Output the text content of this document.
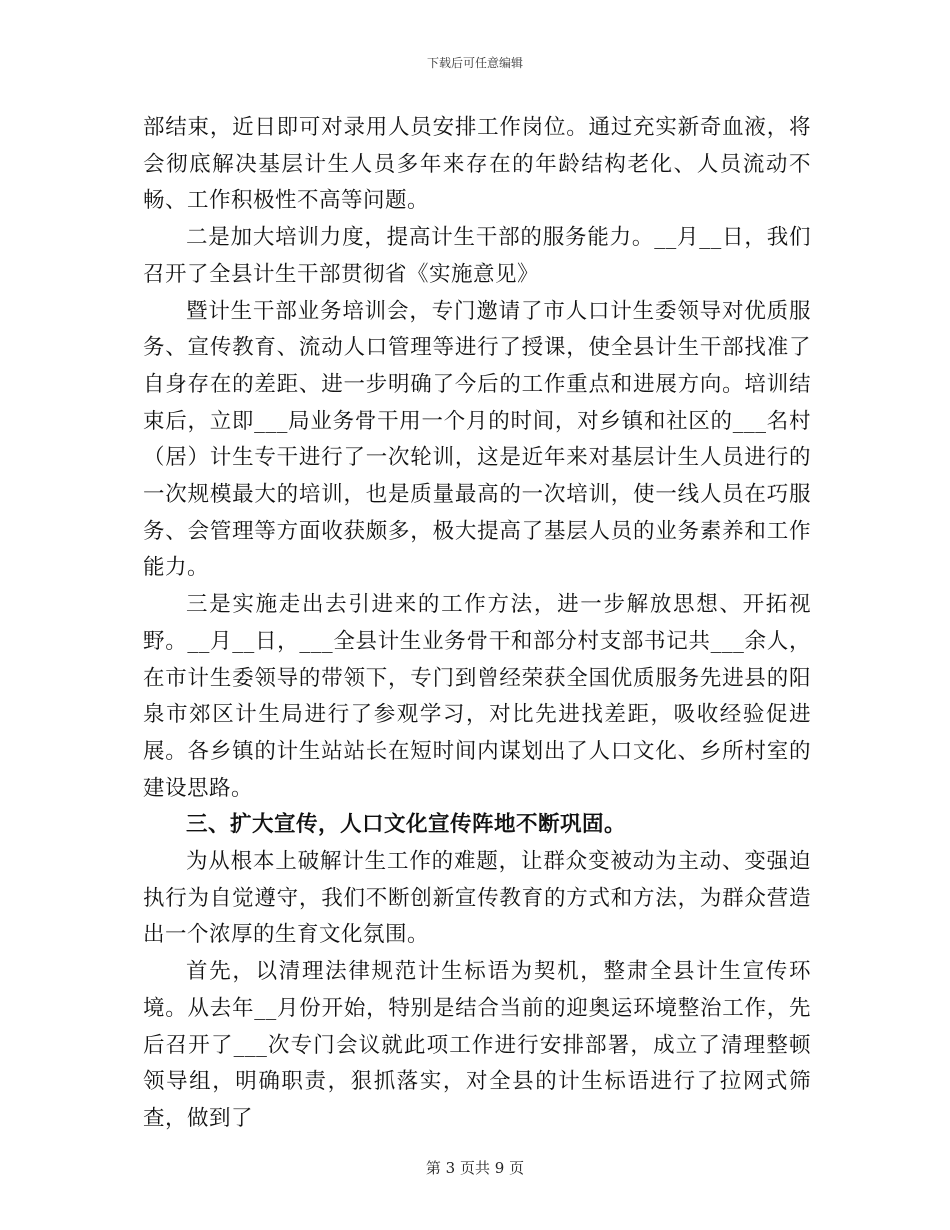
下载后可任意编辑

部结束，近日即可对录用人员安排工作岗位。通过充实新奇血液，将会彻底解决基层计生人员多年来存在的年龄结构老化、人员流动不畅、工作积极性不高等问题。

二是加大培训力度，提高计生干部的服务能力。__月__日，我们召开了全县计生干部贯彻省《实施意见》

暨计生干部业务培训会，专门邀请了市人口计生委领导对优质服务、宣传教育、流动人口管理等进行了授课，使全县计生干部找准了自身存在的差距、进一步明确了今后的工作重点和进展方向。培训结束后，立即___局业务骨干用一个月的时间，对乡镇和社区的___名村（居）计生专干进行了一次轮训，这是近年来对基层计生人员进行的一次规模最大的培训，也是质量最高的一次培训，使一线人员在巧服务、会管理等方面收获颇多，极大提高了基层人员的业务素养和工作能力。

三是实施走出去引进来的工作方法，进一步解放思想、开拓视野。__月__日，___全县计生业务骨干和部分村支部书记共___余人，在市计生委领导的带领下，专门到曾经荣获全国优质服务先进县的阳泉市郊区计生局进行了参观学习，对比先进找差距，吸收经验促进展。各乡镇的计生站站长在短时间内谋划出了人口文化、乡所村室的建设思路。

三、扩大宣传，人口文化宣传阵地不断巩固。

为从根本上破解计生工作的难题，让群众变被动为主动、变强迫执行为自觉遵守，我们不断创新宣传教育的方式和方法，为群众营造出一个浓厚的生育文化氛围。

首先，以清理法律规范计生标语为契机，整肃全县计生宣传环境。从去年__月份开始，特别是结合当前的迎奥运环境整治工作，先后召开了___次专门会议就此项工作进行安排部署，成立了清理整顿领导组，明确职责，狠抓落实，对全县的计生标语进行了拉网式筛查，做到了

第 3 页共 9 页
